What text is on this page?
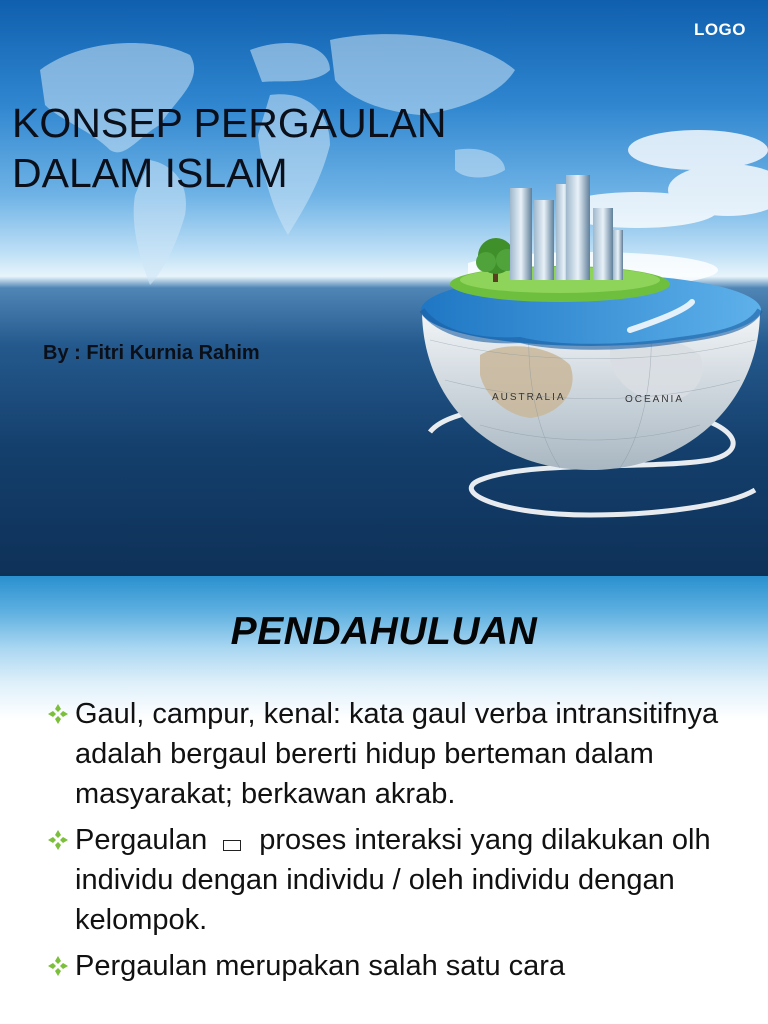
LOGO
KONSEP PERGAULAN
DALAM ISLAM
By : Fitri Kurnia Rahim
AUSTRALIA	OCEANIA
PENDAHULUAN
Gaul, campur, kenal: kata gaul verba intransitifnya adalah bergaul bererti hidup berteman dalam masyarakat; berkawan akrab.
Pergaulan proses interaksi yang dilakukan olh individu dengan individu / oleh individu dengan kelompok.
Pergaulan merupakan salah satu cara
